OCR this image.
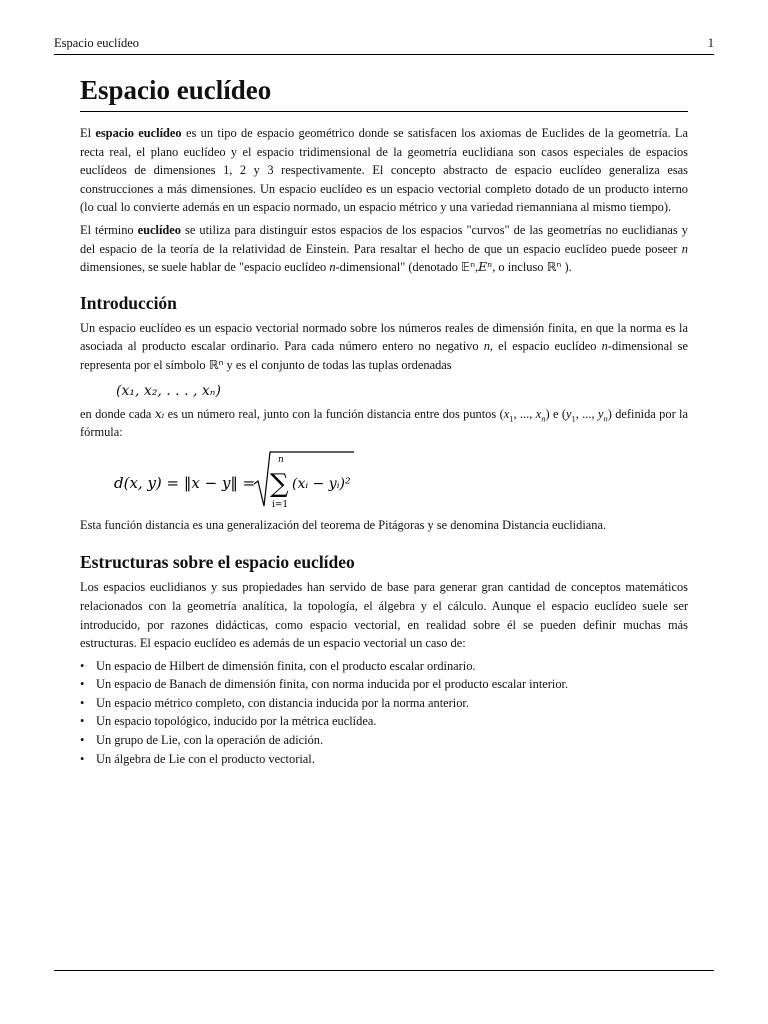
Espacio euclídeo	1
Espacio euclídeo

El espacio euclídeo es un tipo de espacio geométrico donde se satisfacen los axiomas de Euclides de la geometría. La recta real, el plano euclídeo y el espacio tridimensional de la geometría euclidiana son casos especiales de espacios euclídeos de dimensiones 1, 2 y 3 respectivamente. El concepto abstracto de espacio euclídeo generaliza esas construcciones a más dimensiones. Un espacio euclídeo es un espacio vectorial completo dotado de un producto interno (lo cual lo convierte además en un espacio normado, un espacio métrico y una variedad riemanniana al mismo tiempo).

El término euclídeo se utiliza para distinguir estos espacios de los espacios "curvos" de las geometrías no euclidianas y del espacio de la teoría de la relatividad de Einstein. Para resaltar el hecho de que un espacio euclídeo puede poseer n dimensiones, se suele hablar de "espacio euclídeo n-dimensional" (denotado 𝔼ⁿ,Eⁿ, o incluso ℝⁿ ).

Introducción

Un espacio euclídeo es un espacio vectorial normado sobre los números reales de dimensión finita, en que la norma es la asociada al producto escalar ordinario. Para cada número entero no negativo n, el espacio euclídeo n-dimensional se representa por el símbolo ℝⁿ y es el conjunto de todas las tuplas ordenadas

(x₁, x₂, . . . , xₙ)

en donde cada xᵢ es un número real, junto con la función distancia entre dos puntos ($x_1$, ..., $x_n$) e ($y_1$, ..., $y_n$) definida por la fórmula:

d(x, y) = ‖x − y‖ =
n
∑
i=1
(xᵢ − yᵢ)²

Esta función distancia es una generalización del teorema de Pitágoras y se denomina Distancia euclidiana.

Estructuras sobre el espacio euclídeo

Los espacios euclidianos y sus propiedades han servido de base para generar gran cantidad de conceptos matemáticos relacionados con la geometría analítica, la topología, el álgebra y el cálculo. Aunque el espacio euclídeo suele ser introducido, por razones didácticas, como espacio vectorial, en realidad sobre él se pueden definir muchas más estructuras. El espacio euclídeo es además de un espacio vectorial un caso de:

• Un espacio de Hilbert de dimensión finita, con el producto escalar ordinario.
• Un espacio de Banach de dimensión finita, con norma inducida por el producto escalar interior.
• Un espacio métrico completo, con distancia inducida por la norma anterior.
• Un espacio topológico, inducido por la métrica euclídea.
• Un grupo de Lie, con la operación de adición.
• Un álgebra de Lie con el producto vectorial.
